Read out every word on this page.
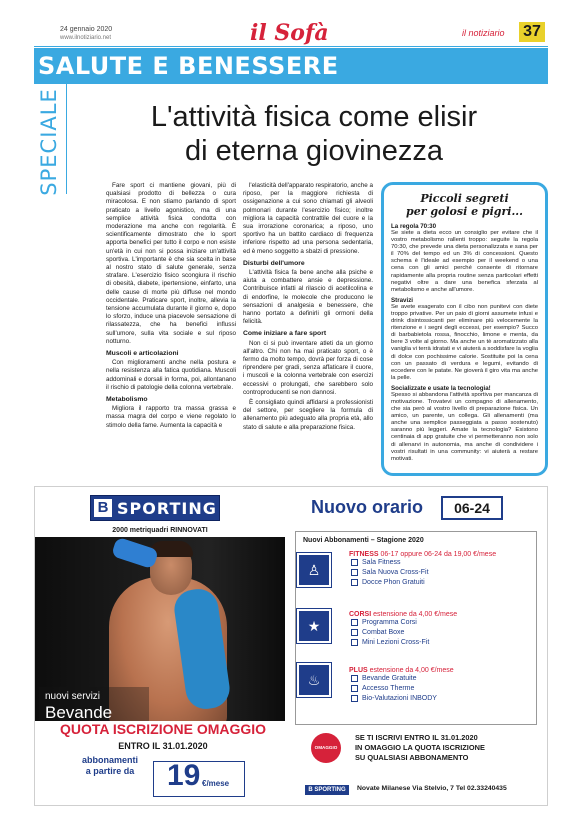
24 gennaio 2020
www.ilnotiziario.net	il Sofà	il notiziario 37
SALUTE E BENESSERE
SPECIALE	L'attività fisica come elisir
di eterna giovinezza

Fare sport ci mantiene giovani, più di qualsiasi prodotto di bellezza o cura miracolosa. E non stiamo parlando di sport praticato a livello agonistico, ma di una semplice attività fisica condotta con moderazione ma anche con regolarità. È scientificamente dimostrato che lo sport apporta benefici per tutto il corpo e non esiste un'età in cui non si possa iniziare un'attività sportiva. L'importante è che sia scelta in base al nostro stato di salute generale, senza strafare. L'esercizio fisico scongiura il rischio di obesità, diabete, ipertensione, einfarto, una delle cause di morte più diffuse nel mondo occidentale. Praticare sport, inoltre, allevia la tensione accumulata durante il giorno e, dopo lo sforzo, induce una piacevole sensazione di rilassatezza, che ha benefici influssi sull'umore, sulla vita sociale e sul riposo notturno.

Muscoli e articolazioni

Con miglioramenti anche nella postura e nella resistenza alla fatica quotidiana. Muscoli addominali e dorsali in forma, poi, allontanano il rischio di patologie della colonna vertebrale.

Metabolismo

Migliora il rapporto tra massa grassa e massa magra del corpo e viene regolato lo stimolo della fame. Aumenta la capacità e

l'elasticità dell'apparato respiratorio, anche a riposo, per la maggiore richiesta di ossigenazione a cui sono chiamati gli alveoli polmonari durante l'esercizio fisico; inoltre migliora la capacità contrattile del cuore e la sua irrorazione coronarica; a riposo, uno sportivo ha un battito cardiaco di frequenza inferiore rispetto ad una persona sedentaria, ed è meno soggetto a sbalzi di pressione.

Disturbi dell'umore

L'attività fisica fa bene anche alla psiche e aiuta a combattere ansie e depressione. Contribuisce infatti al rilascio di acetilcolina e di endorfine, le molecole che producono le sensazioni di analgesia e benessere, che hanno portato a definirli gli ormoni della felicità.

Come iniziare a fare sport

Non ci si può inventare atleti da un giorno all'altro. Chi non ha mai praticato sport, o è fermo da molto tempo, dovrà per forza di cose riprendere per gradi, senza affaticare il cuore, i muscoli e la colonna vertebrale con esercizi eccessivi o prolungati, che sarebbero solo controproducenti se non dannosi.

È consigliato quindi affidarsi a professionisti del settore, per scegliere la formula di allenamento più adeguato alla propria età, allo stato di salute e alla preparazione fisica.

Piccoli segreti
per golosi e pigri...
La regola 70:30

Se siete a dieta ecco un consiglio per evitare che il vostro metabolismo rallenti troppo: seguite la regola 70:30, che prevede una dieta personalizzata e sana per il 70% del tempo ed un 3% di concessioni. Questo schema è l'ideale ad esempio per il weekend o una cena con gli amici perché consente di ritornare rapidamente alla propria routine senza particolari effetti negativi oltre a dare una benefica sferzata al metabolismo e anche all'umore.

Stravizi

Se avete esagerato con il cibo non punitevi con diete troppo privative. Per un paio di giorni assumete infusi e drink disintossicanti per eliminare più velocemente la ritenzione e i segni degli eccessi, per esempio? Succo di barbabietola rossa, finocchio, limone e menta, da bere 3 volte al giorno. Ma anche un tè aromatizzato alla vaniglia vi terrà idratati e vi aiuterà a soddisfare la voglia di dolce con pochissime calorie. Sostituite poi la cena con un passato di verdura e legumi, evitando di eccedere con le patate. Ne gioverà il giro vita ma anche la pelle.

Socializzate e usate la tecnologia!

Spesso si abbandona l'attività sportiva per mancanza di motivazione. Trovatevi un compagno di allenamento, che sia però al vostro livello di preparazione fisica. Un amico, un parente, un collega. Gli allenamenti (ma anche una semplice passeggiata a passo sostenuto) saranno più leggeri. Amate la tecnologia? Esistono centinaia di app gratuite che vi permetteranno non solo di allenarvi in autonomia, ma anche di condividere i vostri risultati in una community: vi aiuterà a restare motivati.

B SPORTING
2000 metriquadri RINNOVATI
nuovi servizi
Bevande
QUOTA ISCRIZIONE OMAGGIO
ENTRO IL 31.01.2020
abbonamenti
a partire da	19 €/mese
Nuovo orario	06-24
Nuovi Abbonamenti – Stagione 2020
♙
FITNESS 06-17 oppure 06-24 da 19,00 €/mese
Sala Fitness
Sala Nuova Cross-Fit
Docce Phon Gratuiti
★
CORSI estensione da 4,00 €/mese
Programma Corsi
Combat Boxe
Mini Lezioni Cross-Fit
♨
PLUS estensione da 4,00 €/mese
Bevande Gratuite
Accesso Therme
Bio-Valutazioni INBODY
OMAGGIO
SE TI ISCRIVI ENTRO IL 31.01.2020
IN OMAGGIO LA QUOTA ISCRIZIONE
SU QUALSIASI ABBONAMENTO
B SPORTING	Novate Milanese Via Stelvio, 7 Tel 02.33240435
